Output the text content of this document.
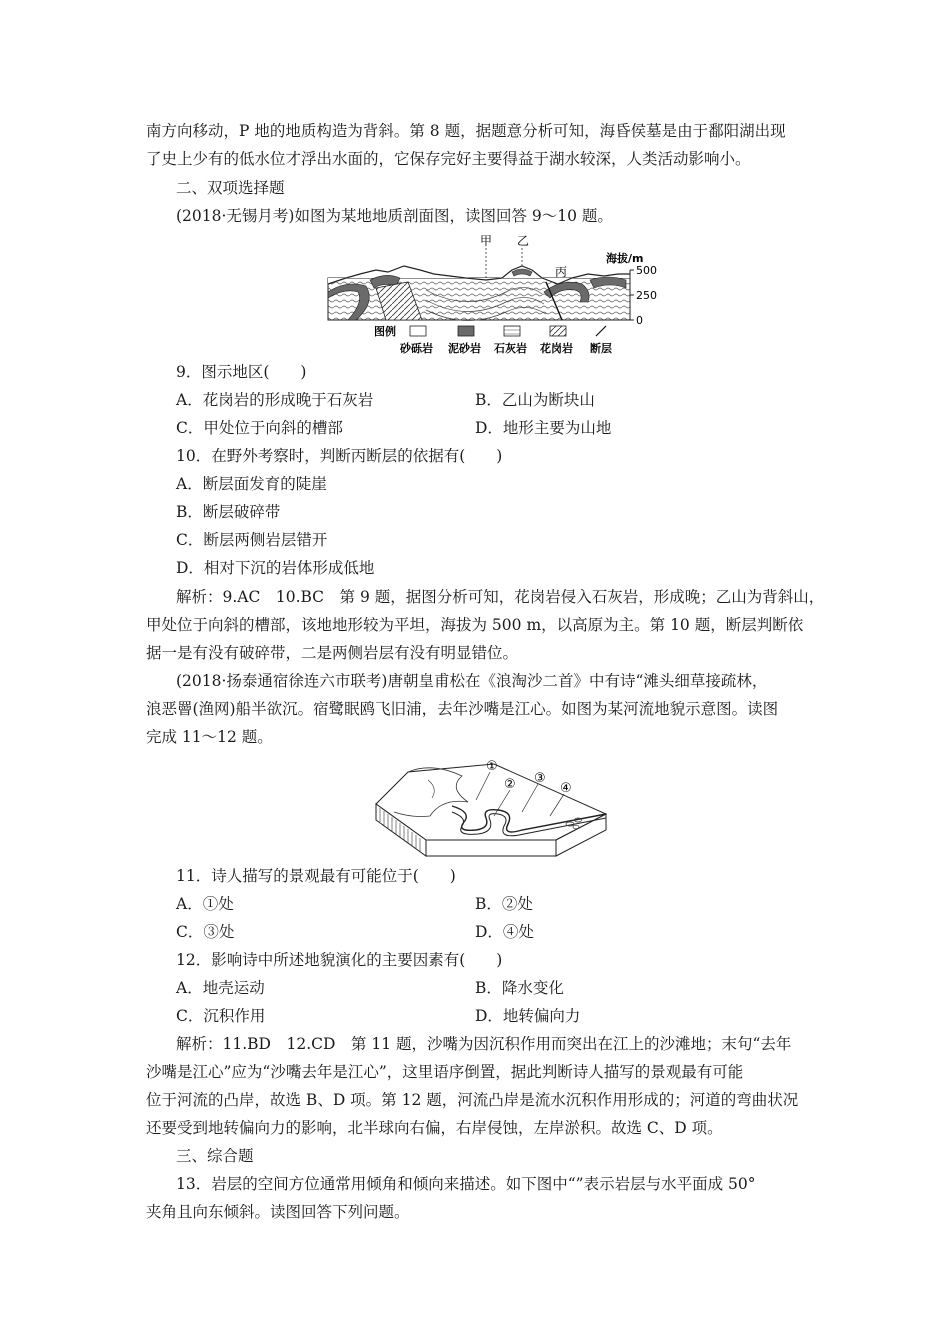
南方向移动，P 地的地质构造为背斜。第 8 题，据题意分析可知，海昏侯墓是由于鄱阳湖出现

了史上少有的低水位才浮出水面的，它保存完好主要得益于湖水较深，人类活动影响小。

二、双项选择题

(2018·无锡月考)如图为某地地质剖面图，读图回答 9～10 题。

甲 乙
丙
海拔/m
500
250
0
图例
砂砾岩 泥砂岩 石灰岩 花岗岩 断层

9．图示地区(　　)

A．花岗岩的形成晚于石灰岩	B．乙山为断块山

C．甲处位于向斜的槽部	D．地形主要为山地

10．在野外考察时，判断丙断层的依据有(　　)

A．断层面发育的陡崖

B．断层破碎带

C．断层两侧岩层错开

D．相对下沉的岩体形成低地

解析：9.AC　10.BC　第 9 题，据图分析可知，花岗岩侵入石灰岩，形成晚；乙山为背斜山，

甲处位于向斜的槽部，该地地形较为平坦，海拔为 500 m，以高原为主。第 10 题，断层判断依

据一是有没有破碎带，二是两侧岩层有没有明显错位。

(2018·扬泰通宿徐连六市联考)唐朝皇甫松在《浪淘沙二首》中有诗“滩头细草接疏林，

浪恶罾(渔网)船半欲沉。宿鹭眠鸥飞旧浦，去年沙嘴是江心。如图为某河流地貌示意图。读图

完成 11～12 题。

①
② ③
④

11．诗人描写的景观最有可能位于(　　)

A．①处	B．②处

C．③处	D．④处

12．影响诗中所述地貌演化的主要因素有(　　)

A．地壳运动	B．降水变化

C．沉积作用	D．地转偏向力

解析：11.BD　12.CD　第 11 题，沙嘴为因沉积作用而突出在江上的沙滩地；末句“去年

沙嘴是江心”应为“沙嘴去年是江心”，这里语序倒置，据此判断诗人描写的景观最有可能

位于河流的凸岸，故选 B、D 项。第 12 题，河流凸岸是流水沉积作用形成的；河道的弯曲状况

还要受到地转偏向力的影响，北半球向右偏，右岸侵蚀，左岸淤积。故选 C、D 项。

三、综合题

13．岩层的空间方位通常用倾角和倾向来描述。如下图中“”表示岩层与水平面成 50°

夹角且向东倾斜。读图回答下列问题。
